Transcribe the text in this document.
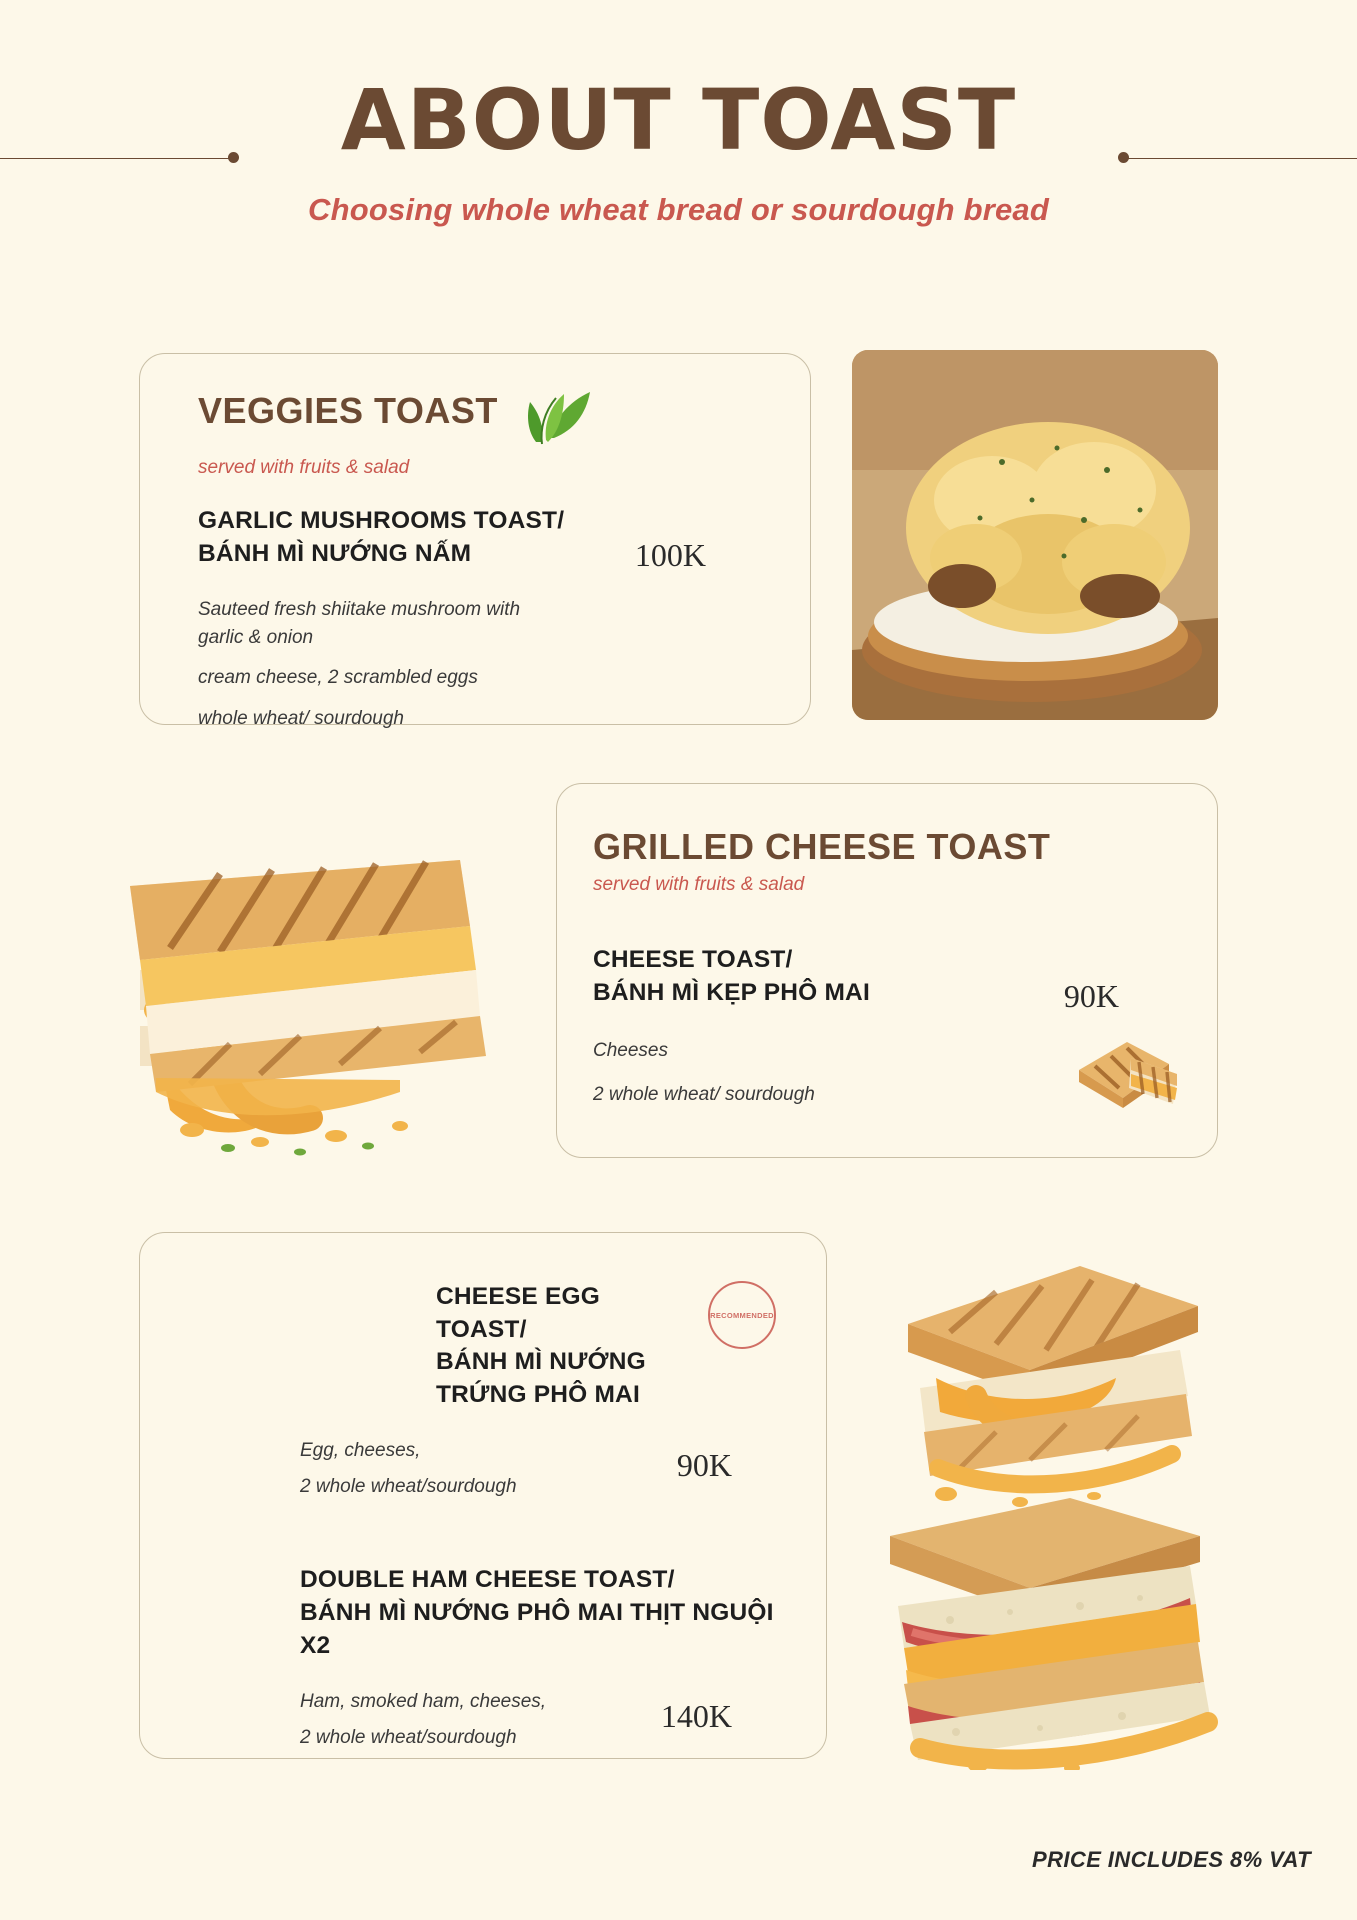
ABOUT TOAST
Choosing whole wheat bread or sourdough bread
VEGGIES TOAST
served with fruits & salad
GARLIC MUSHROOMS TOAST/
BÁNH MÌ NƯỚNG NẤM	100K
Sauteed fresh shiitake mushroom with
garlic & onion
cream cheese, 2 scrambled eggs
whole wheat/ sourdough
GRILLED CHEESE TOAST
served with fruits & salad
CHEESE TOAST/
BÁNH MÌ KẸP PHÔ MAI	90K
Cheeses
2 whole wheat/ sourdough
CHEESE EGG TOAST/
BÁNH MÌ NƯỚNG TRỨNG PHÔ MAI
RECOMMENDED
Egg, cheeses,
2 whole wheat/sourdough
90K
DOUBLE HAM CHEESE TOAST/
BÁNH MÌ NƯỚNG PHÔ MAI THỊT NGUỘI X2
Ham, smoked ham, cheeses,
2 whole wheat/sourdough
140K
PRICE INCLUDES 8% VAT
